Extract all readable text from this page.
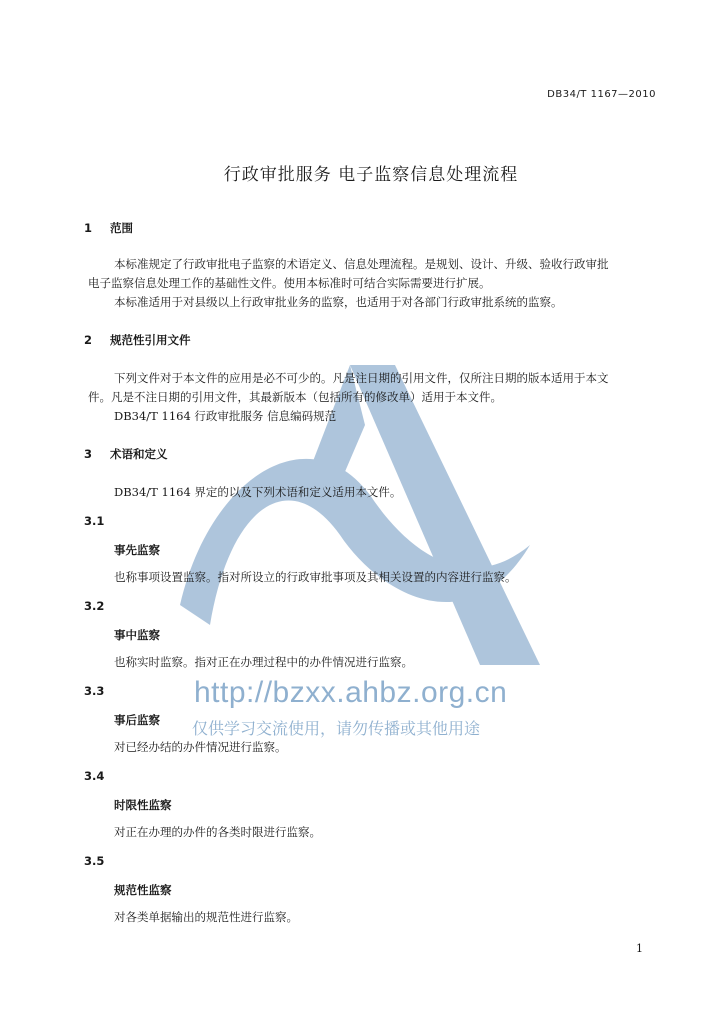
DB34/T 1167—2010
行政审批服务 电子监察信息处理流程
1 范围

本标准规定了行政审批电子监察的术语定义、信息处理流程。是规划、设计、升级、验收行政审批

电子监察信息处理工作的基础性文件。使用本标准时可结合实际需要进行扩展。

本标准适用于对县级以上行政审批业务的监察，也适用于对各部门行政审批系统的监察。

2 规范性引用文件

下列文件对于本文件的应用是必不可少的。凡是注日期的引用文件，仅所注日期的版本适用于本文

件。凡是不注日期的引用文件，其最新版本（包括所有的修改单）适用于本文件。

DB34/T 1164 行政审批服务 信息编码规范

3 术语和定义

DB34/T 1164 界定的以及下列术语和定义适用本文件。

3.1
事先监察

也称事项设置监察。指对所设立的行政审批事项及其相关设置的内容进行监察。

3.2
事中监察

也称实时监察。指对正在办理过程中的办件情况进行监察。

3.3
事后监察

对已经办结的办件情况进行监察。

3.4
时限性监察

对正在办理的办件的各类时限进行监察。

3.5
规范性监察

对各类单据输出的规范性进行监察。

http://bzxx.ahbz.org.cn
仅供学习交流使用，请勿传播或其他用途
1
